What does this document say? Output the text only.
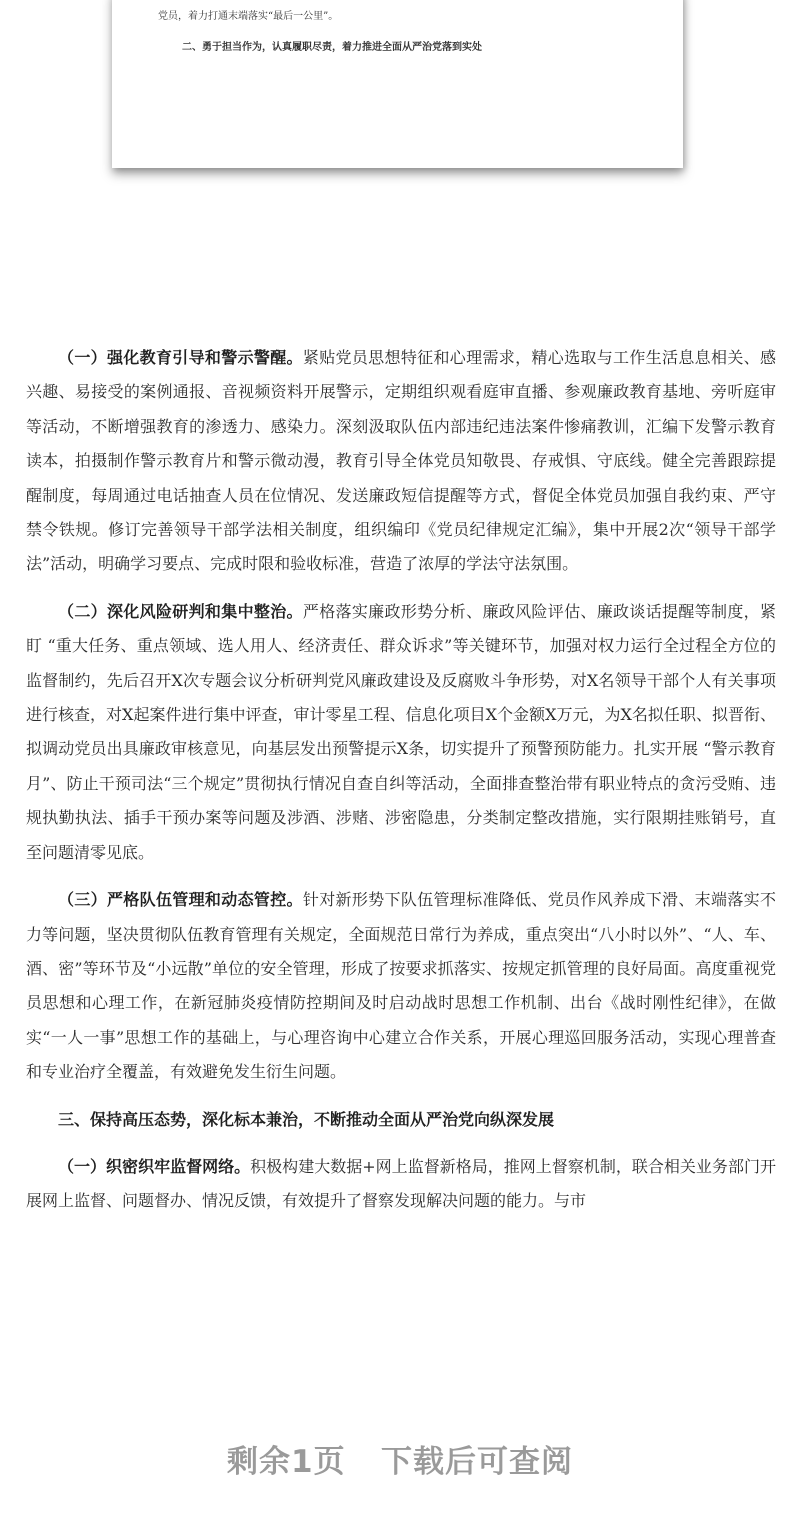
党员，着力打通末端落实“最后一公里”。
二、勇于担当作为，认真履职尽责，着力推进全面从严治党落到实处

（一）强化教育引导和警示警醒。紧贴党员思想特征和心理需求，精心选取与工作生活息息相关、感兴趣、易接受的案例通报、音视频资料开展警示，定期组织观看庭审直播、参观廉政教育基地、旁听庭审等活动，不断增强教育的渗透力、感染力。深刻汲取队伍内部违纪违法案件惨痛教训，汇编下发警示教育读本，拍摄制作警示教育片和警示微动漫，教育引导全体党员知敬畏、存戒惧、守底线。健全完善跟踪提醒制度，每周通过电话抽查人员在位情况、发送廉政短信提醒等方式，督促全体党员加强自我约束、严守禁令铁规。修订完善领导干部学法相关制度，组织编印《党员纪律规定汇编》，集中开展2次“领导干部学法”活动，明确学习要点、完成时限和验收标准，营造了浓厚的学法守法氛围。

（二）深化风险研判和集中整治。严格落实廉政形势分析、廉政风险评估、廉政谈话提醒等制度，紧盯 “重大任务、重点领域、选人用人、经济责任、群众诉求”等关键环节，加强对权力运行全过程全方位的监督制约，先后召开X次专题会议分析研判党风廉政建设及反腐败斗争形势，对X名领导干部个人有关事项进行核查，对X起案件进行集中评查，审计零星工程、信息化项目X个金额X万元，为X名拟任职、拟晋衔、拟调动党员出具廉政审核意见，向基层发出预警提示X条，切实提升了预警预防能力。扎实开展 “警示教育月”、防止干预司法“三个规定”贯彻执行情况自查自纠等活动，全面排查整治带有职业特点的贪污受贿、违规执勤执法、插手干预办案等问题及涉酒、涉赌、涉密隐患，分类制定整改措施，实行限期挂账销号，直至问题清零见底。

（三）严格队伍管理和动态管控。针对新形势下队伍管理标准降低、党员作风养成下滑、末端落实不力等问题，坚决贯彻队伍教育管理有关规定，全面规范日常行为养成，重点突出“八小时以外”、“人、车、酒、密”等环节及“小远散”单位的安全管理，形成了按要求抓落实、按规定抓管理的良好局面。高度重视党员思想和心理工作，在新冠肺炎疫情防控期间及时启动战时思想工作机制、出台《战时刚性纪律》，在做实“一人一事”思想工作的基础上，与心理咨询中心建立合作关系，开展心理巡回服务活动，实现心理普查和专业治疗全覆盖，有效避免发生衍生问题。

三、保持高压态势，深化标本兼治，不断推动全面从严治党向纵深发展

（一）织密织牢监督网络。积极构建大数据+网上监督新格局，推网上督察机制，联合相关业务部门开展网上监督、问题督办、情况反馈，有效提升了督察发现解决问题的能力。与市

剩余1页   下载后可查阅
